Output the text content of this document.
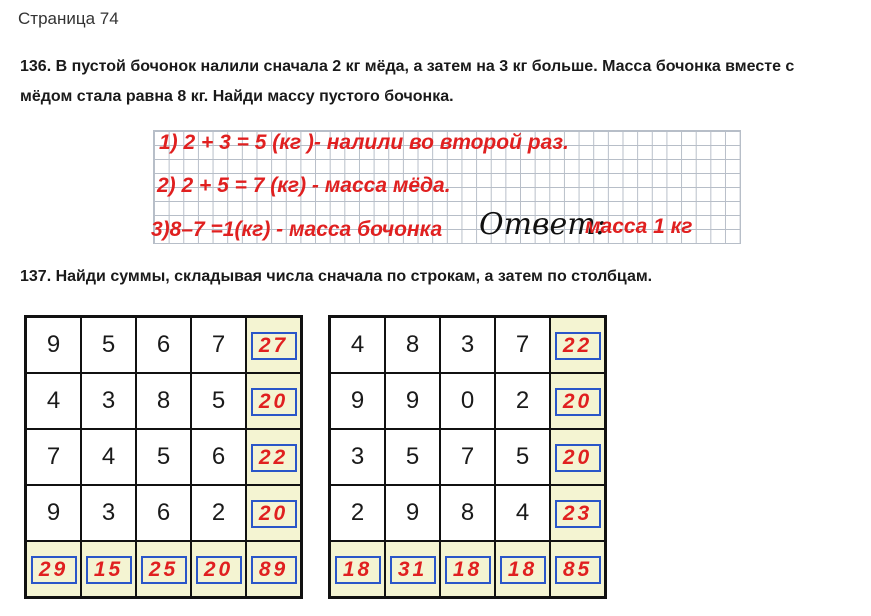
Страница 74

136. В пустой бочонок налили сначала 2 кг мёда, а затем на 3 кг больше. Масса бочонка вместе с мёдом стала равна 8 кг. Найди массу пустого бочонка.

1) 2 + 3 = 5 (кг )- налили во второй раз.
2) 2 + 5 = 7 (кг) - масса мёда.
3)8–7 =1(кг) - масса бочонка Ответ:
масса 1 кг

137. Найди суммы, складывая числа сначала по строкам, а затем по столбцам.

9	5	6	7	27
4	3	8	5	20
7	4	5	6	22
9	3	6	2	20
29	15	25	20	89
4	8	3	7	22
9	9	0	2	20
3	5	7	5	20
2	9	8	4	23
18	31	18	18	85
